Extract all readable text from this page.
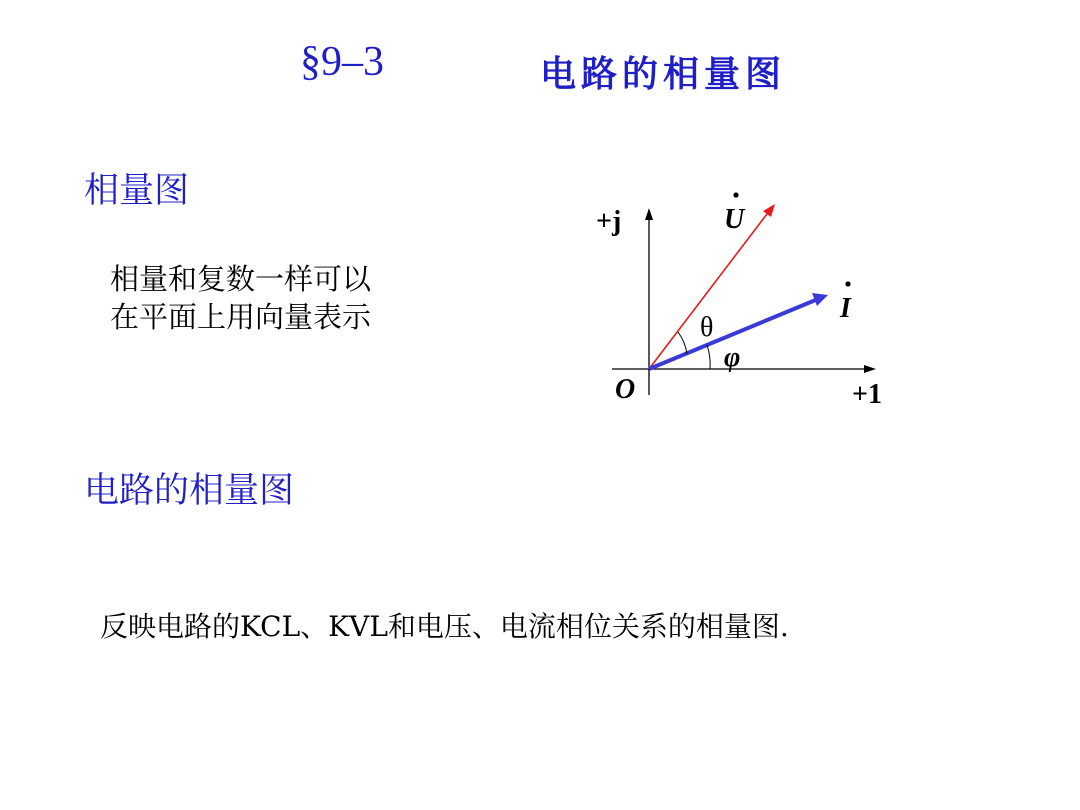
§9–3	电路的相量图
相量图
相量和复数一样可以
在平面上用向量表示
+j
+1
O
U
I
θ
φ
电路的相量图
反映电路的KCL、KVL和电压、电流相位关系的相量图.
